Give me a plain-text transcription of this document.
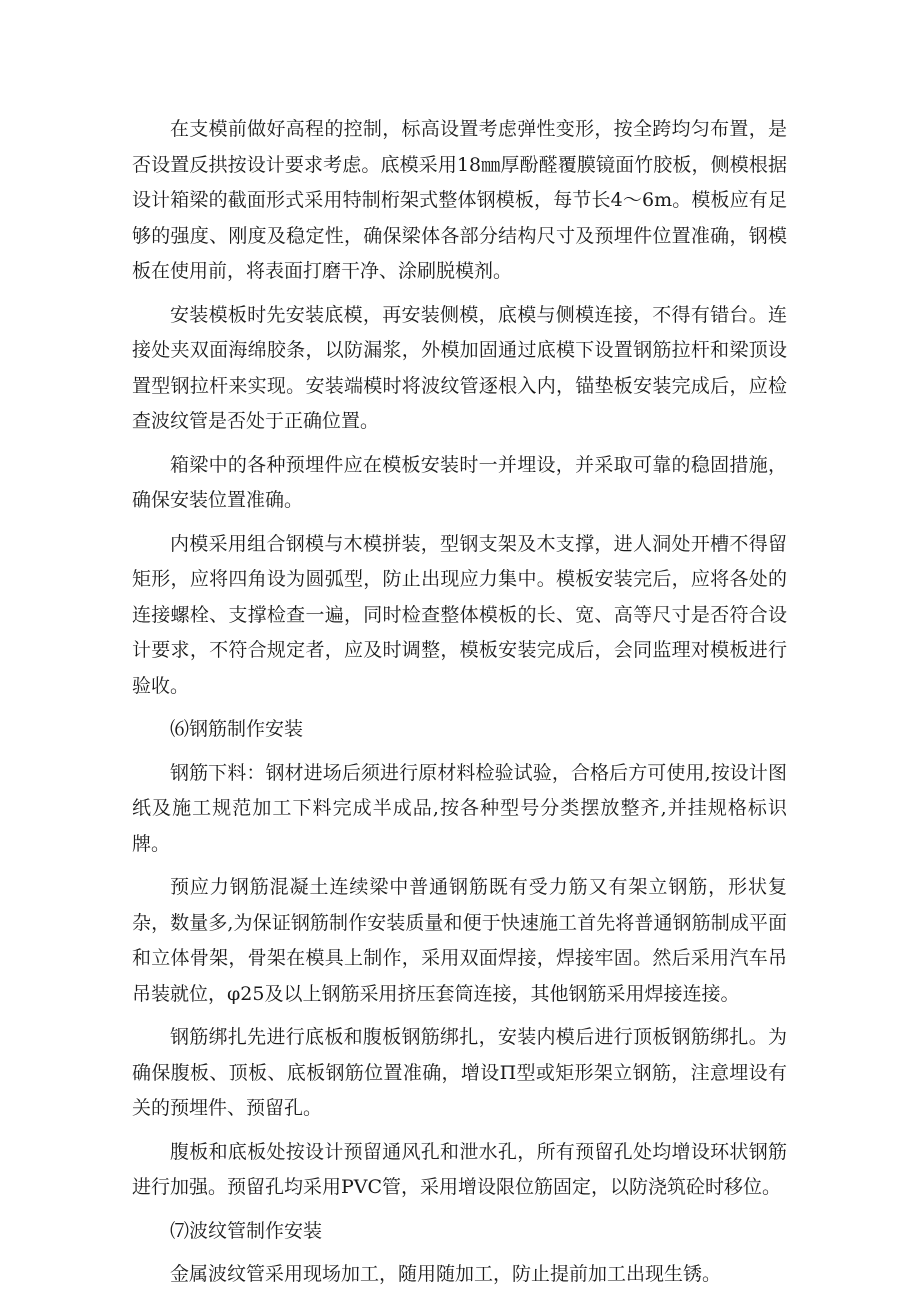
在支模前做好高程的控制，标高设置考虑弹性变形，按全跨均匀布置，是否设置反拱按设计要求考虑。底模采用18㎜厚酚醛覆膜镜面竹胶板，侧模根据设计箱梁的截面形式采用特制桁架式整体钢模板，每节长4～6m。模板应有足够的强度、刚度及稳定性，确保梁体各部分结构尺寸及预埋件位置准确，钢模板在使用前，将表面打磨干净、涂刷脱模剂。

安装模板时先安装底模，再安装侧模，底模与侧模连接，不得有错台。连接处夹双面海绵胶条，以防漏浆，外模加固通过底模下设置钢筋拉杆和梁顶设置型钢拉杆来实现。安装端模时将波纹管逐根入内，锚垫板安装完成后，应检查波纹管是否处于正确位置。

箱梁中的各种预埋件应在模板安装时一并埋设，并采取可靠的稳固措施，确保安装位置准确。

内模采用组合钢模与木模拼装，型钢支架及木支撑，进人洞处开槽不得留矩形，应将四角设为圆弧型，防止出现应力集中。模板安装完后，应将各处的连接螺栓、支撑检查一遍，同时检查整体模板的长、宽、高等尺寸是否符合设计要求，不符合规定者，应及时调整，模板安装完成后，会同监理对模板进行验收。

⑹钢筋制作安装

钢筋下料：钢材进场后须进行原材料检验试验，合格后方可使用,按设计图纸及施工规范加工下料完成半成品,按各种型号分类摆放整齐,并挂规格标识牌。

预应力钢筋混凝土连续梁中普通钢筋既有受力筋又有架立钢筋，形状复杂，数量多,为保证钢筋制作安装质量和便于快速施工首先将普通钢筋制成平面和立体骨架，骨架在模具上制作，采用双面焊接，焊接牢固。然后采用汽车吊吊装就位，φ25及以上钢筋采用挤压套筒连接，其他钢筋采用焊接连接。

钢筋绑扎先进行底板和腹板钢筋绑扎，安装内模后进行顶板钢筋绑扎。为确保腹板、顶板、底板钢筋位置准确，增设Π型或矩形架立钢筋，注意埋设有关的预埋件、预留孔。

腹板和底板处按设计预留通风孔和泄水孔，所有预留孔处均增设环状钢筋进行加强。预留孔均采用PVC管，采用增设限位筋固定，以防浇筑砼时移位。

⑺波纹管制作安装

金属波纹管采用现场加工，随用随加工，防止提前加工出现生锈。
